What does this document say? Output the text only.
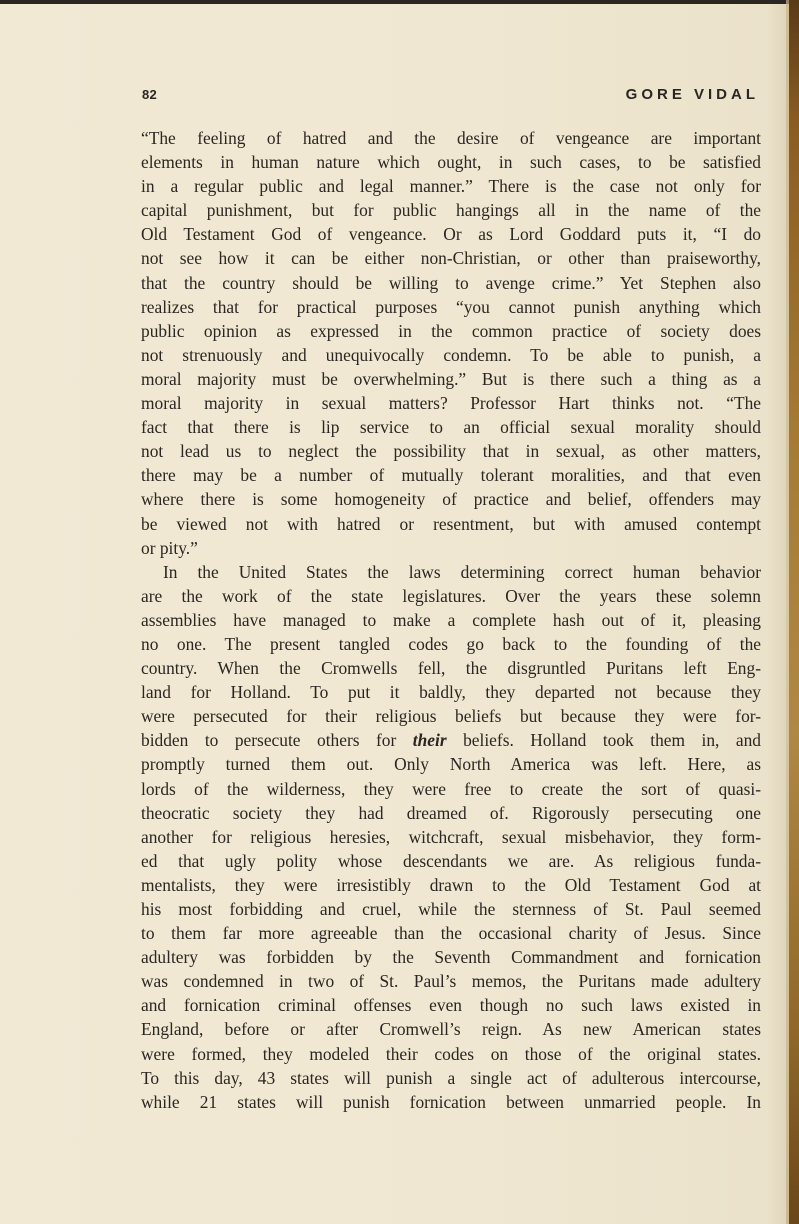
82	GORE VIDAL
“The feeling of hatred and the desire of vengeance are important
elements in human nature which ought, in such cases, to be satisfied
in a regular public and legal manner.” There is the case not only for
capital punishment, but for public hangings all in the name of the
Old Testament God of vengeance. Or as Lord Goddard puts it, “I do
not see how it can be either non-Christian, or other than praiseworthy,
that the country should be willing to avenge crime.” Yet Stephen also
realizes that for practical purposes “you cannot punish anything which
public opinion as expressed in the common practice of society does
not strenuously and unequivocally condemn. To be able to punish, a
moral majority must be overwhelming.” But is there such a thing as a
moral majority in sexual matters? Professor Hart thinks not. “The
fact that there is lip service to an official sexual morality should
not lead us to neglect the possibility that in sexual, as other matters,
there may be a number of mutually tolerant moralities, and that even
where there is some homogeneity of practice and belief, offenders may
be viewed not with hatred or resentment, but with amused contempt
or pity.”
In the United States the laws determining correct human behavior
are the work of the state legislatures. Over the years these solemn
assemblies have managed to make a complete hash out of it, pleasing
no one. The present tangled codes go back to the founding of the
country. When the Cromwells fell, the disgruntled Puritans left Eng-
land for Holland. To put it baldly, they departed not because they
were persecuted for their religious beliefs but because they were for-
bidden to persecute others for their beliefs. Holland took them in, and
promptly turned them out. Only North America was left. Here, as
lords of the wilderness, they were free to create the sort of quasi-
theocratic society they had dreamed of. Rigorously persecuting one
another for religious heresies, witchcraft, sexual misbehavior, they form-
ed that ugly polity whose descendants we are. As religious funda-
mentalists, they were irresistibly drawn to the Old Testament God at
his most forbidding and cruel, while the sternness of St. Paul seemed
to them far more agreeable than the occasional charity of Jesus. Since
adultery was forbidden by the Seventh Commandment and fornication
was condemned in two of St. Paul’s memos, the Puritans made adultery
and fornication criminal offenses even though no such laws existed in
England, before or after Cromwell’s reign. As new American states
were formed, they modeled their codes on those of the original states.
To this day, 43 states will punish a single act of adulterous intercourse,
while 21 states will punish fornication between unmarried people. In
